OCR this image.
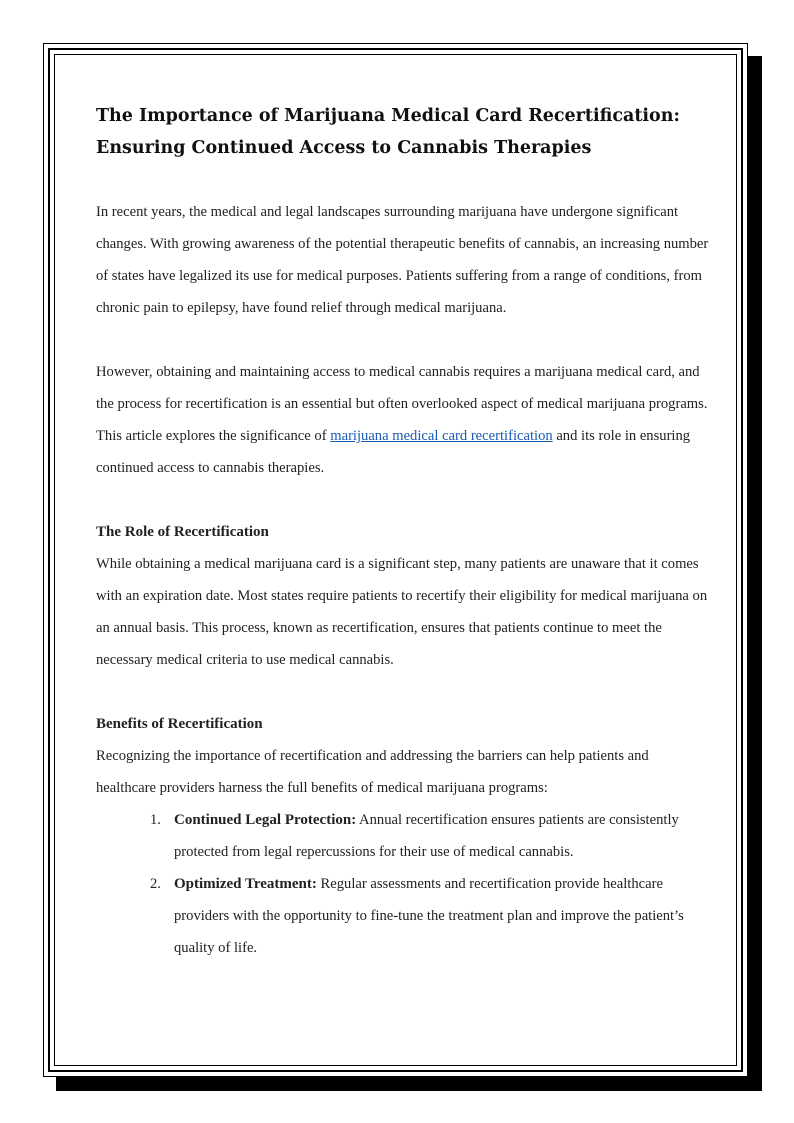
The Importance of Marijuana Medical Card Recertification:
Ensuring Continued Access to Cannabis Therapies

In recent years, the medical and legal landscapes surrounding marijuana have undergone significant changes. With growing awareness of the potential therapeutic benefits of cannabis, an increasing number of states have legalized its use for medical purposes. Patients suffering from a range of conditions, from chronic pain to epilepsy, have found relief through medical marijuana.

However, obtaining and maintaining access to medical cannabis requires a marijuana medical card, and the process for recertification is an essential but often overlooked aspect of medical marijuana programs. This article explores the significance of marijuana medical card recertification and its role in ensuring continued access to cannabis therapies.

The Role of Recertification

While obtaining a medical marijuana card is a significant step, many patients are unaware that it comes with an expiration date. Most states require patients to recertify their eligibility for medical marijuana on an annual basis. This process, known as recertification, ensures that patients continue to meet the necessary medical criteria to use medical cannabis.

Benefits of Recertification

Recognizing the importance of recertification and addressing the barriers can help patients and healthcare providers harness the full benefits of medical marijuana programs:

1. Continued Legal Protection: Annual recertification ensures patients are consistently protected from legal repercussions for their use of medical cannabis.
2. Optimized Treatment: Regular assessments and recertification provide healthcare providers with the opportunity to fine-tune the treatment plan and improve the patient’s quality of life.
